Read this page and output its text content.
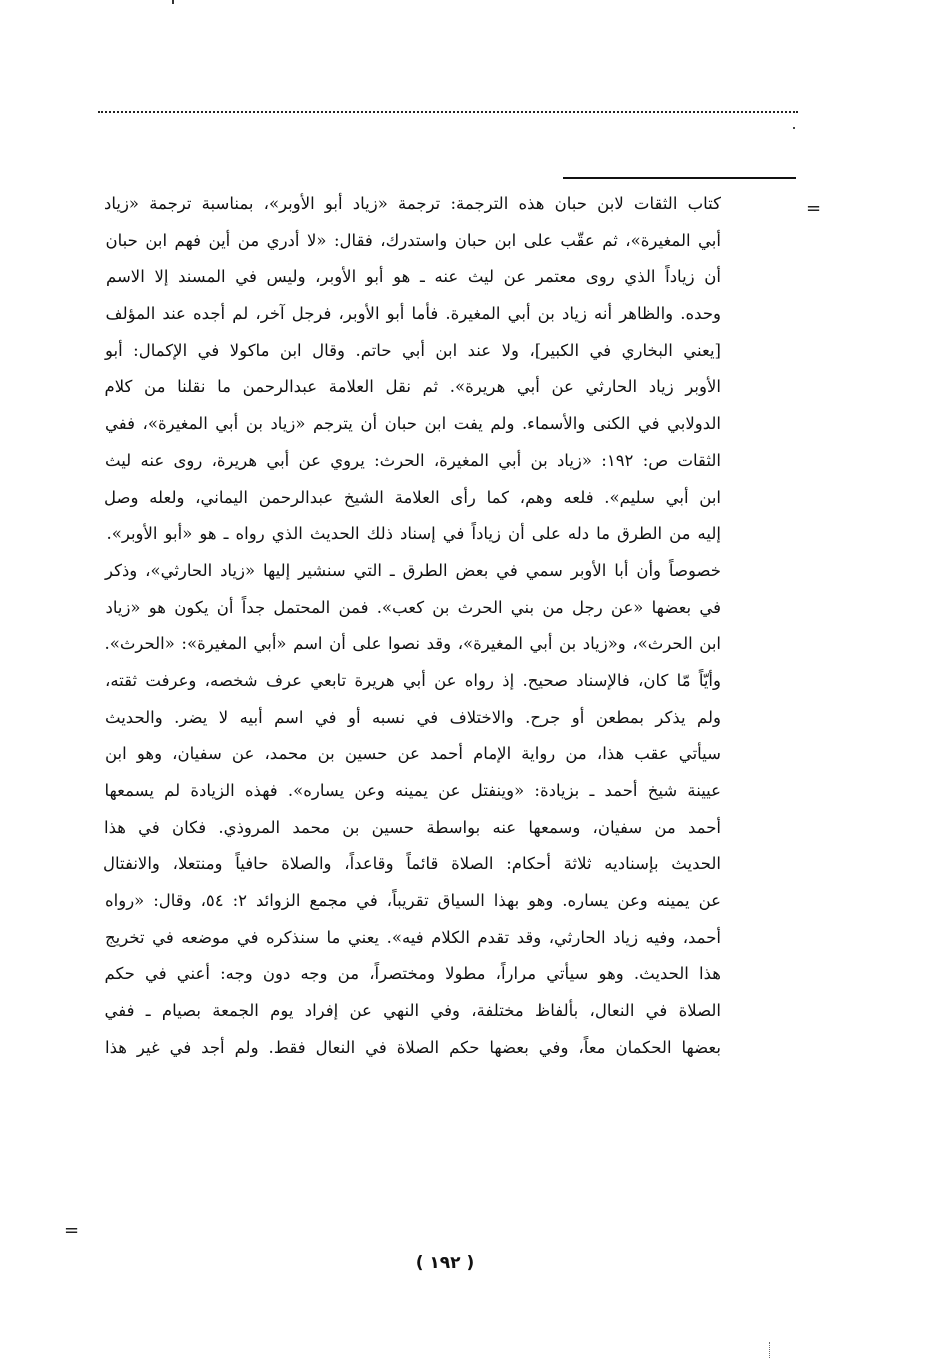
=
كتاب الثقات لابن حبان هذه الترجمة: ترجمة «زياد أبو الأوبر»، بمناسبة ترجمة «زياد
أبي المغيرة»، ثم عقّب على ابن حبان واستدرك، فقال: «لا أدري من أين فهم ابن حبان
أن زياداً الذي روى معتمر عن ليث عنه ـ هو أبو الأوبر، وليس في المسند إلا الاسم
وحده. والظاهر أنه زياد بن أبي المغيرة. فأما أبو الأوبر، فرجل آخر، لم أجده عند المؤلف
[يعني البخاري في الكبير]، ولا عند ابن أبي حاتم. وقال ابن ماكولا في الإكمال: أبو
الأوبر زياد الحارثي عن أبي هريرة». ثم نقل العلامة عبدالرحمن ما نقلنا من كلام
الدولابي في الكنى والأسماء. ولم يفت ابن حبان أن يترجم «زياد بن أبي المغيرة»، ففي
الثقات ص: ١٩٢: «زياد بن أبي المغيرة، الحرث: يروي عن أبي هريرة، روى عنه ليث
ابن أبي سليم». فلعه وهم، كما رأى العلامة الشيخ عبدالرحمن اليماني، ولعله وصل
إليه من الطرق ما دله على أن زياداً في إسناد ذلك الحديث الذي رواه ـ هو «أبو الأوبر».
خصوصاً وأن أبا الأوبر سمي في بعض الطرق ـ التي سنشير إليها «زياد الحارثي»، وذكر
في بعضها «عن رجل من بني الحرث بن كعب». فمن المحتمل جداً أن يكون هو «زياد
ابن الحرث»، و«زياد بن أبي المغيرة»، وقد نصوا على أن اسم «أبي المغيرة»: «الحرث».
وأيّاً مّا كان، فالإسناد صحيح. إذ رواه عن أبي هريرة تابعي عرف شخصه، وعرفت ثقته،
ولم يذكر بمطعن أو جرح. والاختلاف في نسبه أو في اسم أبيه لا يضر. والحديث
سيأتي عقب هذا، من رواية الإمام أحمد عن حسين بن محمد، عن سفيان، وهو ابن
عيينة شيخ أحمد ـ بزيادة: «وينفتل عن يمينه وعن يساره». فهذه الزيادة لم يسمعها
أحمد من سفيان، وسمعها عنه بواسطة حسين بن محمد المروذي. فكان في هذا
الحديث بإسناديه ثلاثة أحكام: الصلاة قائماً وقاعداً، والصلاة حافياً ومنتعلا، والانفتال
عن يمينه وعن يساره. وهو بهذا السياق تقريباً، في مجمع الزوائد ٢: ٥٤، وقال: «رواه
أحمد، وفيه زياد الحارثي، وقد تقدم الكلام فيه». يعني ما سنذكره في موضعه في تخريج
هذا الحديث. وهو سيأتي مراراً، مطولا ومختصراً، من وجه دون وجه: أعني في حكم
الصلاة في النعال، بألفاظ مختلفة، وفي النهي عن إفراد يوم الجمعة بصيام ـ ففي
بعضها الحكمان معاً، وفي بعضها حكم الصلاة في النعال فقط. ولم أجد في غير هذا
=
( ١٩٢ )
